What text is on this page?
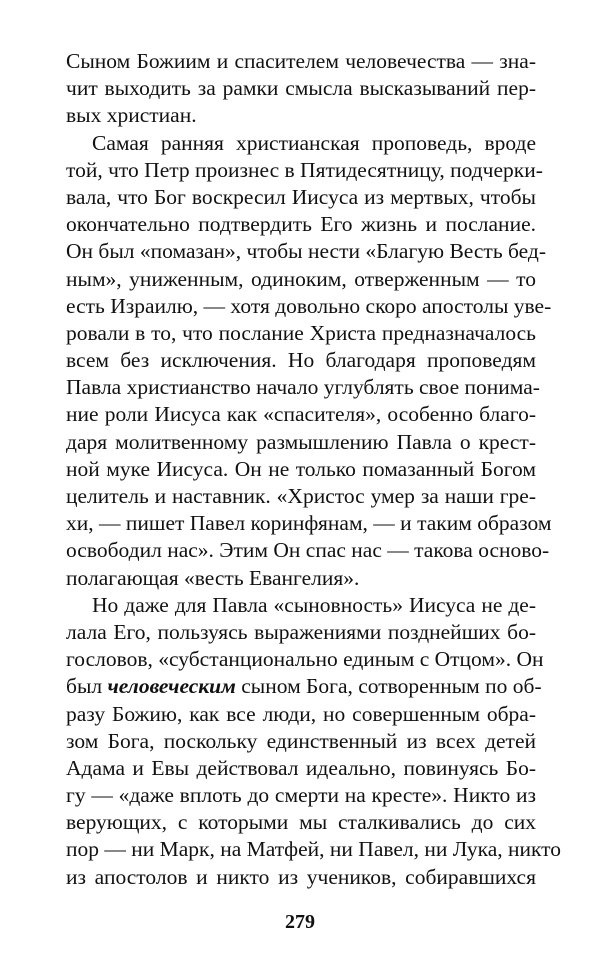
Сыном Божиим и спасителем человечества — зна-
чит выходить за рамки смысла высказываний пер-
вых христиан.
Самая ранняя христианская проповедь, вроде
той, что Петр произнес в Пятидесятницу, подчерки-
вала, что Бог воскресил Иисуса из мертвых, чтобы
окончательно подтвердить Его жизнь и послание.
Он был «помазан», чтобы нести «Благую Весть бед-
ным», униженным, одиноким, отверженным — то
есть Израилю, — хотя довольно скоро апостолы уве-
ровали в то, что послание Христа предназначалось
всем без исключения. Но благодаря проповедям
Павла христианство начало углублять свое понима-
ние роли Иисуса как «спасителя», особенно благо-
даря молитвенному размышлению Павла о крест-
ной муке Иисуса. Он не только помазанный Богом
целитель и наставник. «Христос умер за наши гре-
хи, — пишет Павел коринфянам, — и таким образом
освободил нас». Этим Он спас нас — такова осново-
полагающая «весть Евангелия».
Но даже для Павла «сыновность» Иисуса не де-
лала Его, пользуясь выражениями позднейших бо-
гословов, «субстанционально единым с Отцом». Он
был человеческим сыном Бога, сотворенным по об-
разу Божию, как все люди, но совершенным обра-
зом Бога, поскольку единственный из всех детей
Адама и Евы действовал идеально, повинуясь Бо-
гу — «даже вплоть до смерти на кресте». Никто из
верующих, с которыми мы сталкивались до сих
пор — ни Марк, на Матфей, ни Павел, ни Лука, никто
из апостолов и никто из учеников, собиравшихся
279
